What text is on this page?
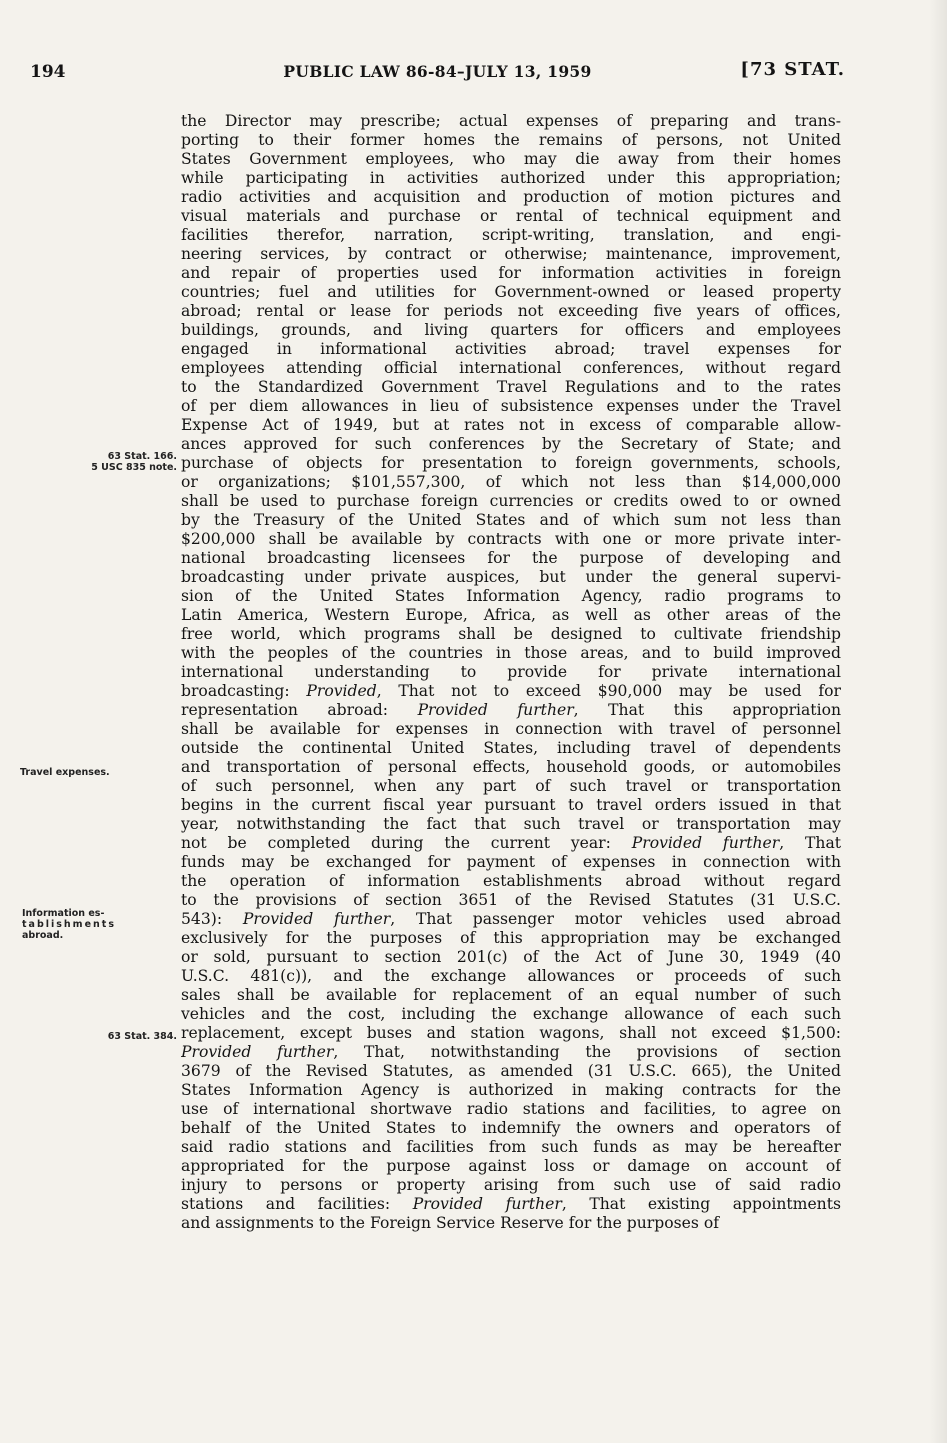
194	PUBLIC LAW 86-84–JULY 13, 1959	[73 STAT.
63 Stat. 166.
5 USC 835 note.
Travel expenses.
Information es-
tablishments
abroad.
63 Stat. 384.
the Director may prescribe; actual expenses of preparing and trans-
porting to their former homes the remains of persons, not United
States Government employees, who may die away from their homes
while participating in activities authorized under this appropriation;
radio activities and acquisition and production of motion pictures and
visual materials and purchase or rental of technical equipment and
facilities therefor, narration, script-writing, translation, and engi-
neering services, by contract or otherwise; maintenance, improvement,
and repair of properties used for information activities in foreign
countries; fuel and utilities for Government-owned or leased property
abroad; rental or lease for periods not exceeding five years of offices,
buildings, grounds, and living quarters for officers and employees
engaged in informational activities abroad; travel expenses for
employees attending official international conferences, without regard
to the Standardized Government Travel Regulations and to the rates
of per diem allowances in lieu of subsistence expenses under the Travel
Expense Act of 1949, but at rates not in excess of comparable allow-
ances approved for such conferences by the Secretary of State; and
purchase of objects for presentation to foreign governments, schools,
or organizations; $101,557,300, of which not less than $14,000,000
shall be used to purchase foreign currencies or credits owed to or owned
by the Treasury of the United States and of which sum not less than
$200,000 shall be available by contracts with one or more private inter-
national broadcasting licensees for the purpose of developing and
broadcasting under private auspices, but under the general supervi-
sion of the United States Information Agency, radio programs to
Latin America, Western Europe, Africa, as well as other areas of the
free world, which programs shall be designed to cultivate friendship
with the peoples of the countries in those areas, and to build improved
international understanding to provide for private international
broadcasting: Provided, That not to exceed $90,000 may be used for
representation abroad: Provided further, That this appropriation
shall be available for expenses in connection with travel of personnel
outside the continental United States, including travel of dependents
and transportation of personal effects, household goods, or automobiles
of such personnel, when any part of such travel or transportation
begins in the current fiscal year pursuant to travel orders issued in that
year, notwithstanding the fact that such travel or transportation may
not be completed during the current year: Provided further, That
funds may be exchanged for payment of expenses in connection with
the operation of information establishments abroad without regard
to the provisions of section 3651 of the Revised Statutes (31 U.S.C.
543): Provided further, That passenger motor vehicles used abroad
exclusively for the purposes of this appropriation may be exchanged
or sold, pursuant to section 201(c) of the Act of June 30, 1949 (40
U.S.C. 481(c)), and the exchange allowances or proceeds of such
sales shall be available for replacement of an equal number of such
vehicles and the cost, including the exchange allowance of each such
replacement, except buses and station wagons, shall not exceed $1,500:
Provided further, That, notwithstanding the provisions of section
3679 of the Revised Statutes, as amended (31 U.S.C. 665), the United
States Information Agency is authorized in making contracts for the
use of international shortwave radio stations and facilities, to agree on
behalf of the United States to indemnify the owners and operators of
said radio stations and facilities from such funds as may be hereafter
appropriated for the purpose against loss or damage on account of
injury to persons or property arising from such use of said radio
stations and facilities: Provided further, That existing appointments
and assignments to the Foreign Service Reserve for the purposes of
